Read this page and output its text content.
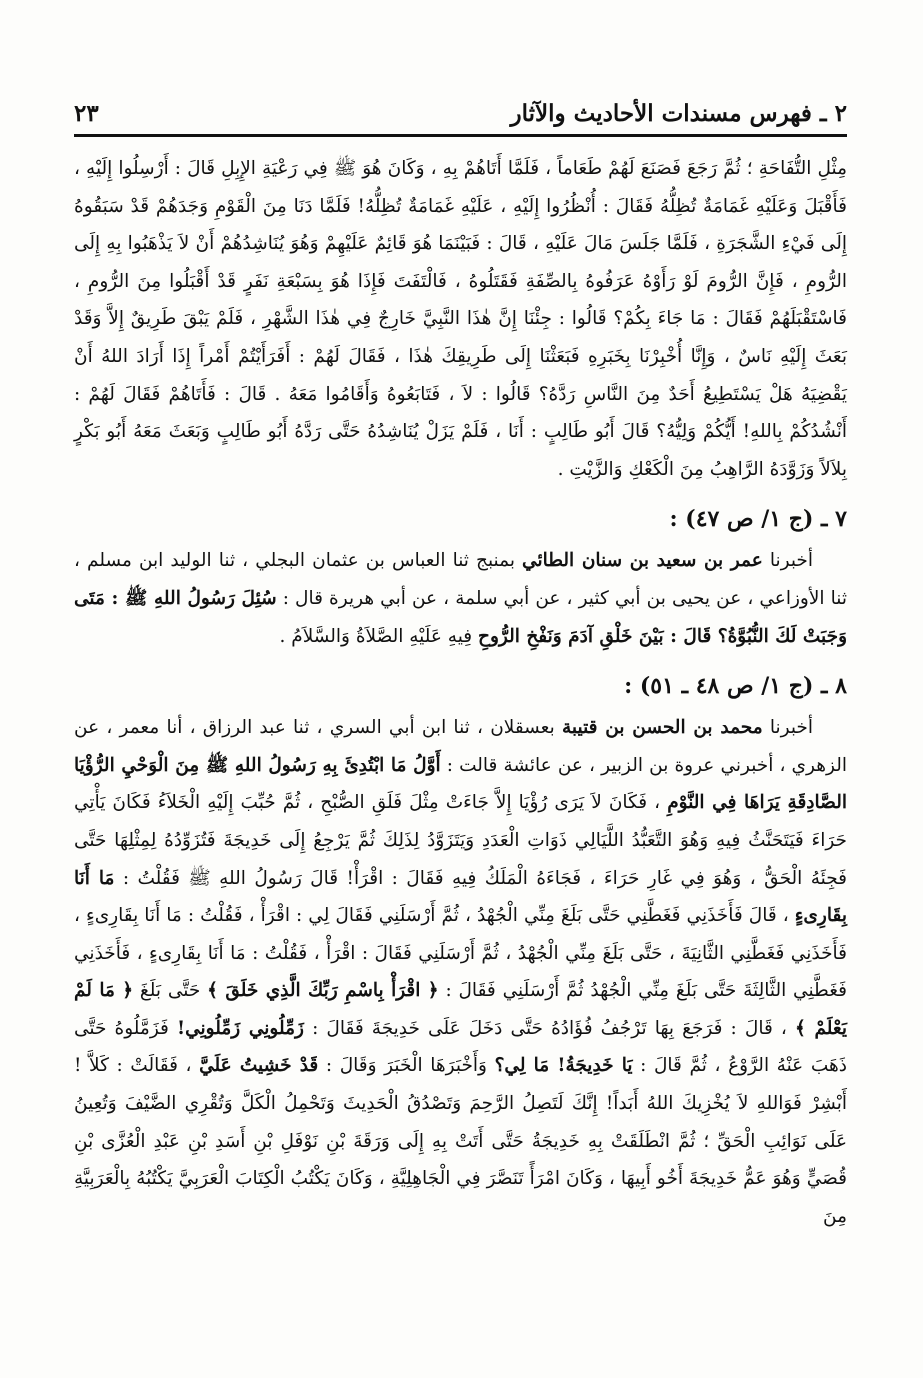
٢ ـ فهرس مسندات الأحاديث والآثار
٢٣

مِثْلِ التُّفَاحَةِ ؛ ثُمَّ رَجَعَ فَصَنَعَ لَهُمْ طَعَاماً ، فَلَمَّا أَتَاهُمْ بِهِ ، وَكَانَ هُوَ ﷺ فِي رَعْيَةِ الإِبِلِ قَالَ : أَرْسِلُوا إِلَيْهِ ، فَأَقْبَلَ وَعَلَيْهِ غَمَامَةٌ تُظِلُّهُ فَقَالَ : أُنْظُرُوا إِلَيْهِ ، عَلَيْهِ غَمَامَةٌ تُظِلُّهُ! فَلَمَّا دَنَا مِنَ الْقَوْمِ وَجَدَهُمْ قَدْ سَبَقُوهُ إِلَى فَيْءِ الشَّجَرَةِ ، فَلَمَّا جَلَسَ مَالَ عَلَيْهِ ، قَالَ : فَبَيْنَمَا هُوَ قَائِمٌ عَلَيْهِمْ وَهُوَ يُنَاشِدُهُمْ أَنْ لاَ يَذْهَبُوا بِهِ إِلَى الرُّومِ ، فَإِنَّ الرُّومَ لَوْ رَأَوْهُ عَرَفُوهُ بِالصِّفَةِ فَقَتَلُوهُ ، فَالْتَفَتَ فَإِذَا هُوَ بِسَبْعَةِ نَفَرٍ قَدْ أَقْبَلُوا مِنَ الرُّومِ ، فَاسْتَقْبَلَهُمْ فَقَالَ : مَا جَاءَ بِكُمْ؟ قَالُوا : جِئْنَا إِنَّ هٰذَا النَّبِيَّ خَارِجٌ فِي هٰذَا الشَّهْرِ ، فَلَمْ يَبْقَ طَرِيقٌ إِلاَّ وَقَدْ بَعَثَ إِلَيْهِ نَاسٌ ، وَإِنَّا أُخْبِرْنَا بِخَبَرِهِ فَبَعَثْنَا إِلَى طَرِيقِكَ هٰذَا ، فَقَالَ لَهُمْ : أَفَرَأَيْتُمْ أَمْراً إِذَا أَرَادَ اللهُ أَنْ يَقْضِيَهُ هَلْ يَسْتَطِيعُ أَحَدٌ مِنَ النَّاسِ رَدَّهُ؟ قَالُوا : لاَ ، فَتَابَعُوهُ وَأَقَامُوا مَعَهُ . قَالَ : فَأَتَاهُمْ فَقَالَ لَهُمْ : أَنْشُدُكُمْ بِاللهِ! أَيُّكُمْ وَلِيُّهُ؟ قَالَ أَبُو طَالِبٍ : أَنَا ، فَلَمْ يَزَلْ يُنَاشِدُهُ حَتَّى رَدَّهُ أَبُو طَالِبٍ وَبَعَثَ مَعَهُ أَبُو بَكْرٍ بِلاَلاً وَزَوَّدَهُ الرَّاهِبُ مِنَ الْكَعْكِ وَالزَّيْتِ .

٧ ـ (ج ١/ ص ٤٧) :

أخبرنا عمر بن سعيد بن سنان الطائي بمنبج ثنا العباس بن عثمان البجلي ، ثنا الوليد ابن مسلم ، ثنا الأوزاعي ، عن يحيى بن أبي كثير ، عن أبي سلمة ، عن أبي هريرة قال : سُئِلَ رَسُولُ اللهِ ﷺ : مَتَى وَجَبَتْ لَكَ النُّبُوَّةُ؟ قَالَ : بَيْنَ خَلْقِ آدَمَ وَنَفْخِ الرُّوحِ فِيهِ عَلَيْهِ الصَّلاَةُ وَالسَّلاَمُ .

٨ ـ (ج ١/ ص ٤٨ ـ ٥١) :

أخبرنا محمد بن الحسن بن قتيبة بعسقلان ، ثنا ابن أبي السري ، ثنا عبد الرزاق ، أنا معمر ، عن الزهري ، أخبرني عروة بن الزبير ، عن عائشة قالت : أَوَّلُ مَا ابْتُدِئَ بِهِ رَسُولُ اللهِ ﷺ مِنَ الْوَحْيِ الرُّؤْيَا الصَّادِقَةِ يَرَاهَا فِي النَّوْمِ ، فَكَانَ لاَ يَرَى رُؤْيَا إِلاَّ جَاءَتْ مِثْلَ فَلَقِ الصُّبْحِ ، ثُمَّ حُبِّبَ إِلَيْهِ الْخَلاَءُ فَكَانَ يَأْتِي حَرَاءَ فَيَتَحَنَّثُ فِيهِ وَهُوَ التَّعَبُّدُ اللَّيَالِي ذَوَاتِ الْعَدَدِ وَيَتَزَوَّدُ لِذَلِكَ ثُمَّ يَرْجِعُ إِلَى خَدِيجَةَ فَتُزَوِّدُهُ لِمِثْلِهَا حَتَّى فَجِئَهُ الْحَقُّ ، وَهُوَ فِي غَارِ حَرَاءَ ، فَجَاءَهُ الْمَلَكُ فِيهِ فَقَالَ : اقْرَأْ! قَالَ رَسُولُ اللهِ ﷺ فَقُلْتُ : مَا أَنَا بِقَارِىءٍ ، قَالَ فَأَخَذَنِي فَغَطَّنِي حَتَّى بَلَغَ مِنِّي الْجُهْدُ ، ثُمَّ أَرْسَلَنِي فَقَالَ لِي : اقْرَأْ ، فَقُلْتُ : مَا أَنَا بِقَارِىءٍ ، فَأَخَذَنِي فَغَطَّنِي الثَّانِيَةَ ، حَتَّى بَلَغَ مِنِّي الْجُهْدُ ، ثُمَّ أَرْسَلَنِي فَقَالَ : اقْرَأْ ، فَقُلْتُ : مَا أَنَا بِقَارِىءٍ ، فَأَخَذَنِي فَغَطَّنِي الثَّالِثَةَ حَتَّى بَلَغَ مِنِّي الْجُهْدُ ثُمَّ أَرْسَلَنِي فَقَالَ : ﴿ اقْرَأْ بِاسْمِ رَبِّكَ الَّذِي خَلَقَ ﴾ حَتَّى بَلَغَ ﴿ مَا لَمْ يَعْلَمْ ﴾ ، قَالَ : فَرَجَعَ بِهَا تَرْجُفُ فُؤَادُهُ حَتَّى دَخَلَ عَلَى خَدِيجَةَ فَقَالَ : زَمِّلُونِي زَمِّلُونِي! فَزَمَّلُوهُ حَتَّى ذَهَبَ عَنْهُ الرَّوْعُ ، ثُمَّ قَالَ : يَا خَدِيجَةُ! مَا لِي؟ وَأَخْبَرَهَا الْخَبَرَ وَقَالَ : قَدْ خَشِيتُ عَلَيَّ ، فَقَالَتْ : كَلاَّ ! أَبْشِرْ فَوَاللهِ لاَ يُخْزِيكَ اللهُ أَبَداً! إِنَّكَ لَتَصِلُ الرَّحِمَ وَتَصْدُقُ الْحَدِيثَ وَتَحْمِلُ الْكَلَّ وَتُقْرِي الضَّيْفَ وَتُعِينُ عَلَى نَوَائِبِ الْحَقِّ ؛ ثُمَّ انْطَلَقَتْ بِهِ خَدِيجَةُ حَتَّى أَتَتْ بِهِ إِلَى وَرَقَةَ بْنِ نَوْفَلِ بْنِ أَسَدِ بْنِ عَبْدِ الْعُزَّى بْنِ قُصَيٍّ وَهُوَ عَمُّ خَدِيجَةَ أَخُو أَبِيهَا ، وَكَانَ امْرَأً تَنَصَّرَ فِي الْجَاهِلِيَّةِ ، وَكَانَ يَكْتُبُ الْكِتَابَ الْعَرَبِيَّ يَكْتُبُهُ بِالْعَرَبِيَّةِ مِنَ
